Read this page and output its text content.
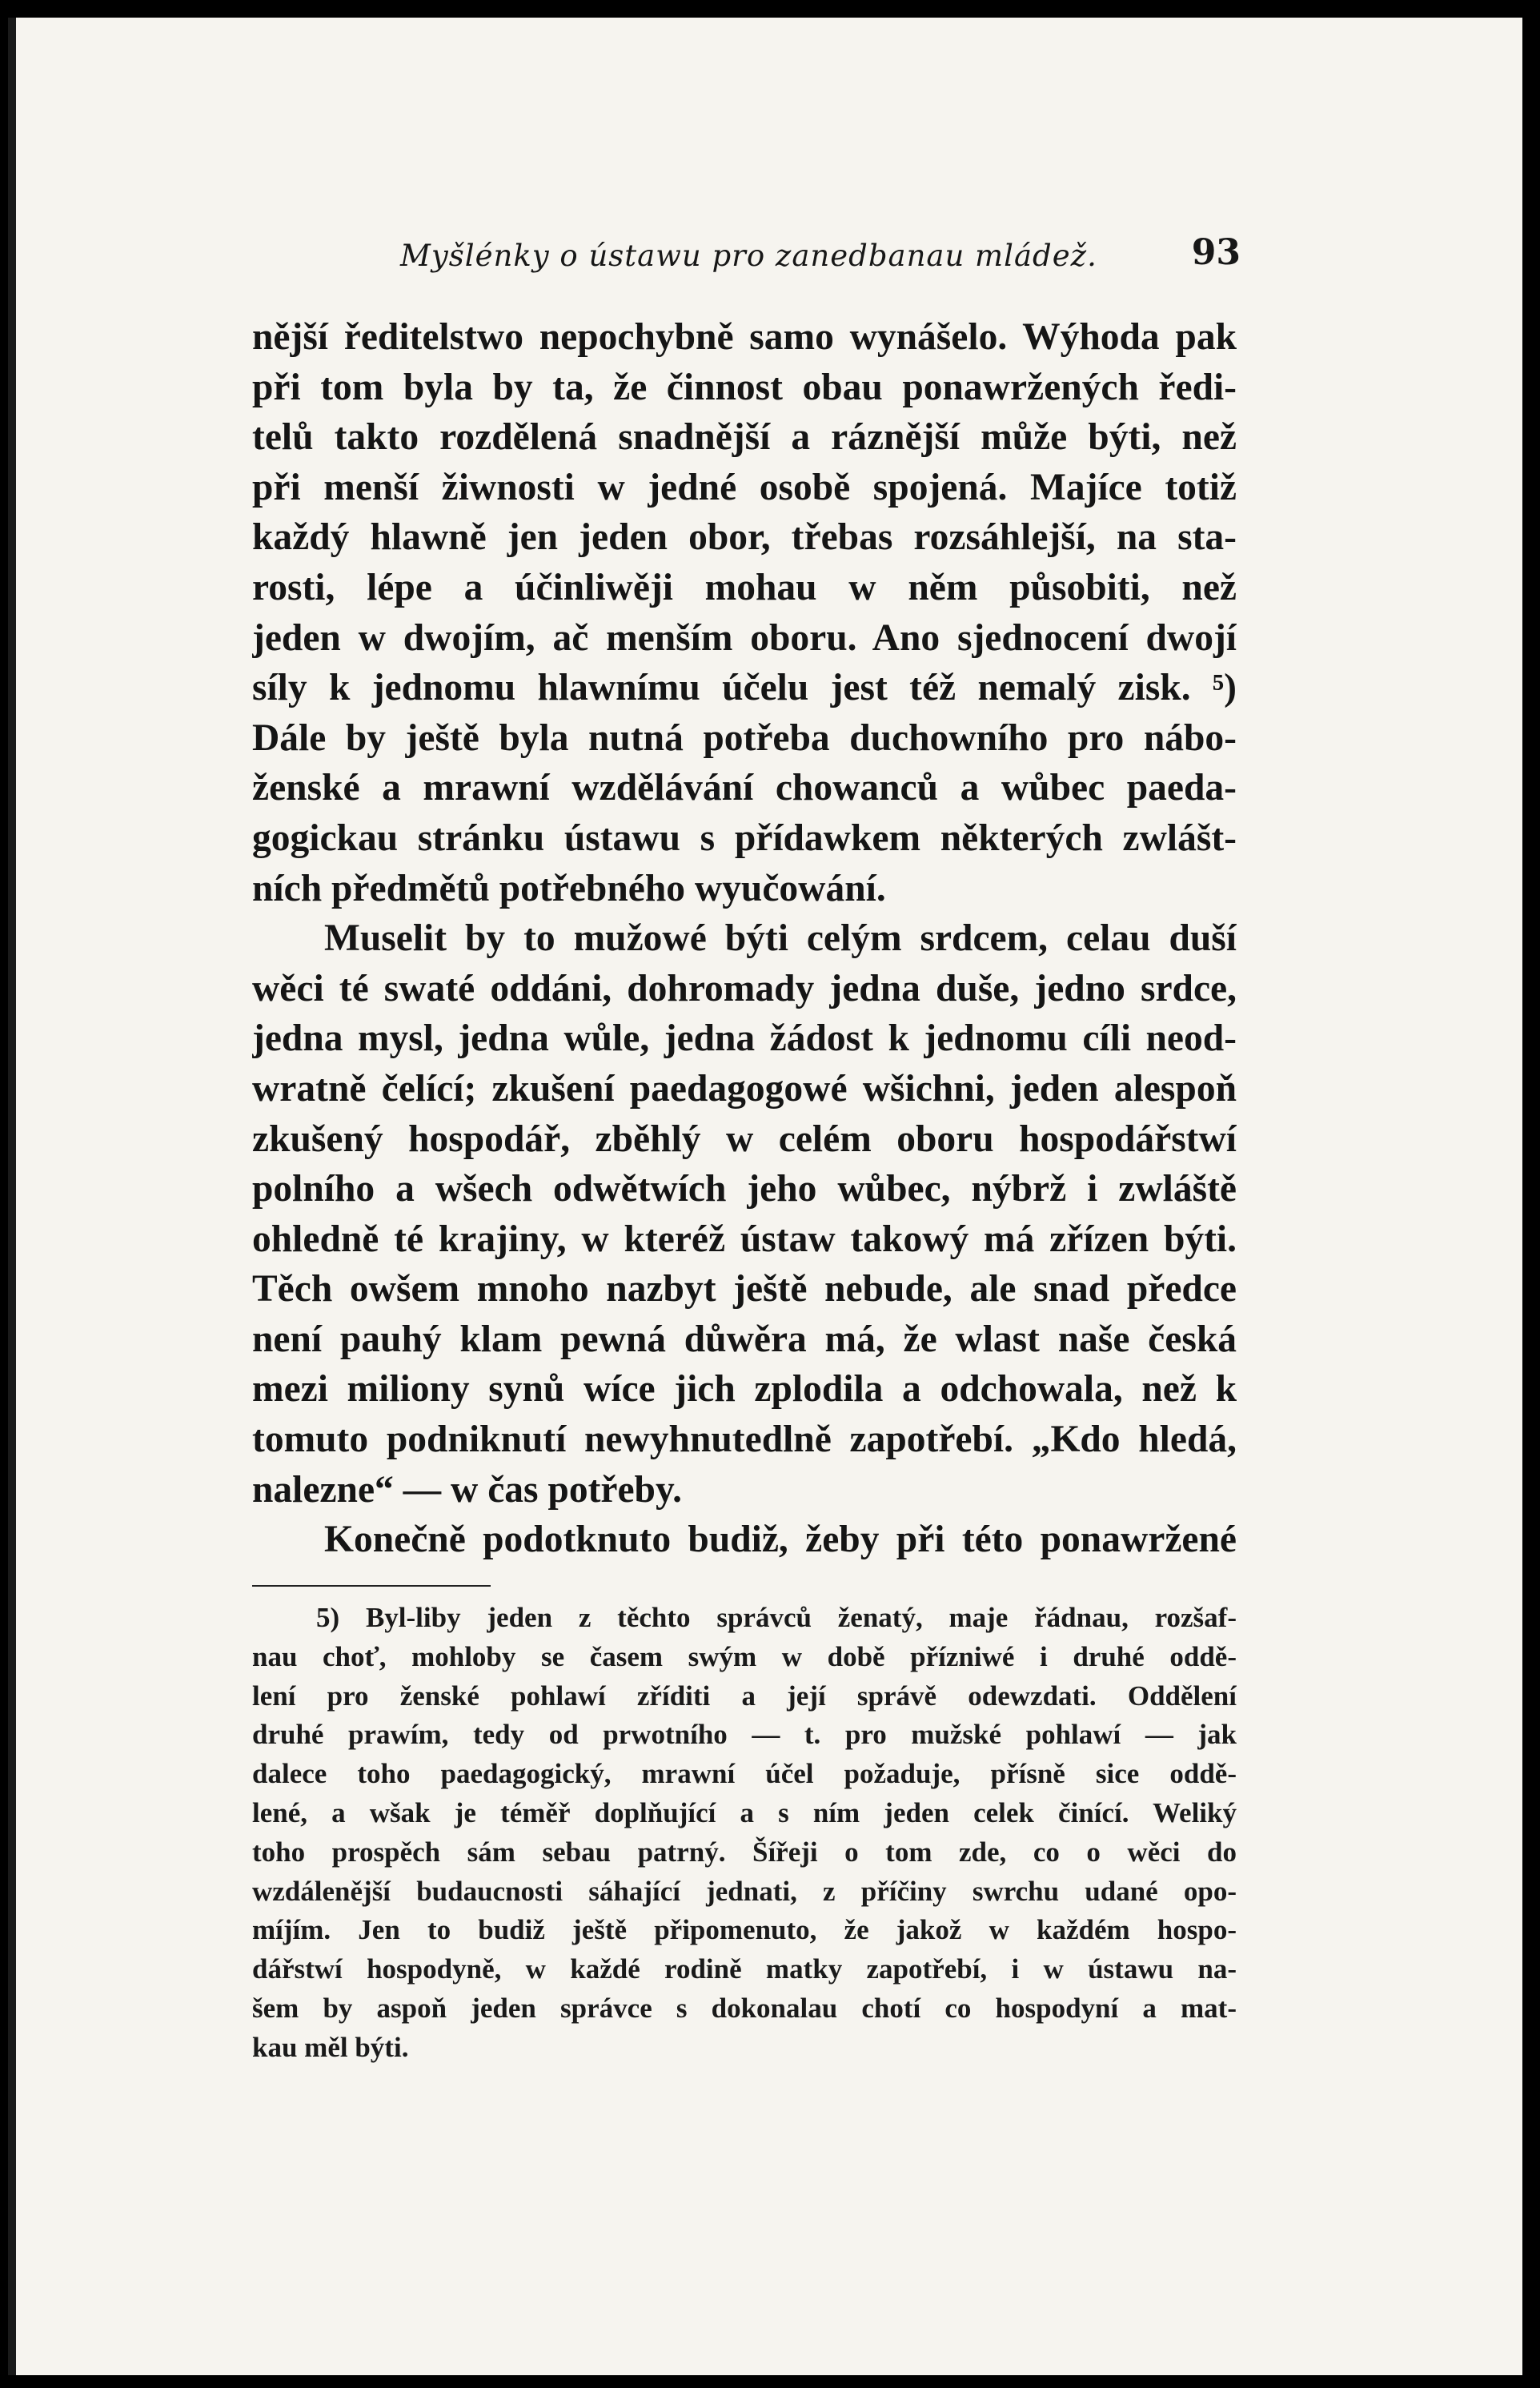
Myšlénky o ústawu pro zanedbanau mládež.	93
nější ředitelstwo nepochybně samo wynášelo. Wýhoda pak
při tom byla by ta, že činnost obau ponawržených ředi-
telů takto rozdělená snadnější a ráznější může býti, než
při menší žiwnosti w jedné osobě spojená. Majíce totiž
každý hlawně jen jeden obor, třebas rozsáhlejší, na sta-
rosti, lépe a účinliwěji mohau w něm působiti, než
jeden w dwojím, ač menším oboru. Ano sjednocení dwojí
síly k jednomu hlawnímu účelu jest též nemalý zisk. ⁵)
Dále by ještě byla nutná potřeba duchowního pro nábo-
ženské a mrawní wzdělávání chowanců a wůbec paeda-
gogickau stránku ústawu s přídawkem některých zwlášt-
ních předmětů potřebného wyučowání.
Muselit by to mužowé býti celým srdcem, celau duší
wěci té swaté oddáni, dohromady jedna duše, jedno srdce,
jedna mysl, jedna wůle, jedna žádost k jednomu cíli neod-
wratně čelící; zkušení paedagogowé wšichni, jeden alespoň
zkušený hospodář, zběhlý w celém oboru hospodářstwí
polního a wšech odwětwích jeho wůbec, nýbrž i zwláště
ohledně té krajiny, w kteréž ústaw takowý má zřízen býti.
Těch owšem mnoho nazbyt ještě nebude, ale snad předce
není pauhý klam pewná důwěra má, že wlast naše česká
mezi miliony synů wíce jich zplodila a odchowala, než k
tomuto podniknutí newyhnutedlně zapotřebí. „Kdo hledá,
nalezne“ — w čas potřeby.
Konečně podotknuto budiž, žeby při této ponawržené
5) Byl-liby jeden z těchto správců ženatý, maje řádnau, rozšaf-
nau choť, mohloby se časem swým w době příznіwé i druhé oddě-
lení pro ženské pohlawí zříditi a její správě odewzdati. Oddělení
druhé prawím, tedy od prwotního — t. pro mužské pohlawí — jak
dalece toho paedagogický, mrawní účel požaduje, přísně sice oddě-
lené, a wšak je téměř doplňující a s ním jeden celek činící. Weliký
toho prospěch sám sebau patrný. Šířeji o tom zde, co o wěci do
wzdálenější budaucnosti sáhající jednati, z příčiny swrchu udané opo-
míjím. Jen to budiž ještě připomenuto, že jakož w každém hospo-
dářstwí hospodyně, w každé rodině matky zapotřebí, i w ústawu na-
šem by aspoň jeden správce s dokonalau chotí co hospodyní a mat-
kau měl býti.
